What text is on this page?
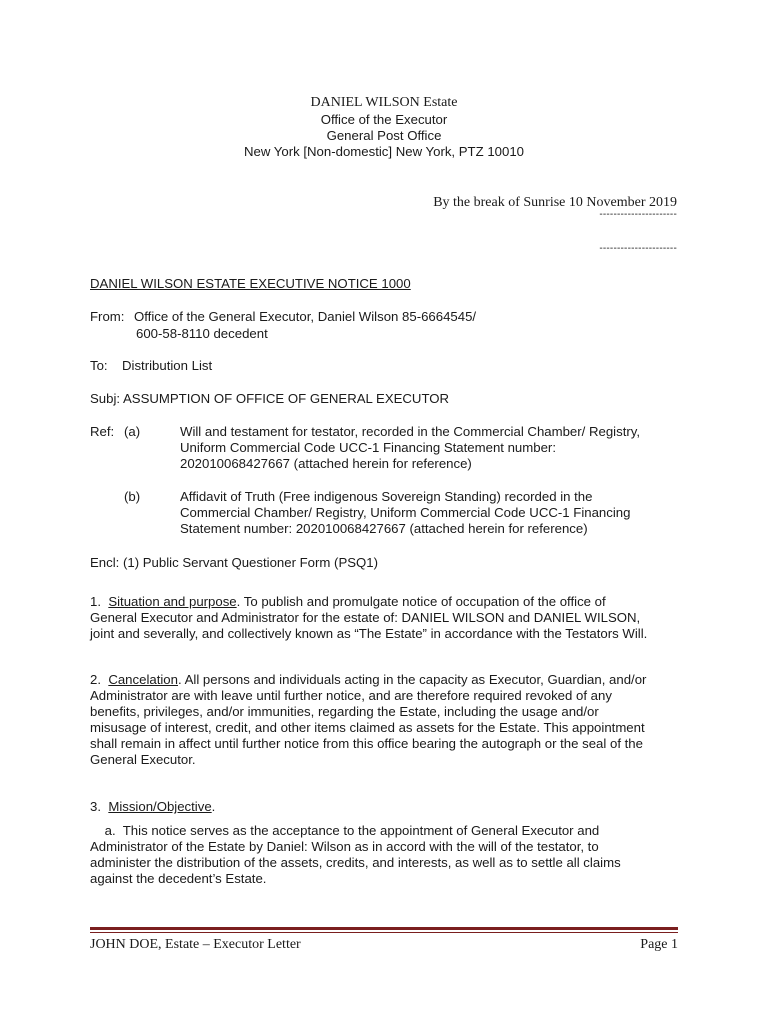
DANIEL WILSON Estate
Office of the Executor
General Post Office
New York [Non-domestic] New York, PTZ 10010
By the break of Sunrise 10 November 2019
----------------------
----------------------
DANIEL WILSON ESTATE EXECUTIVE NOTICE 1000
From: Office of the General Executor, Daniel Wilson 85-6664545/
600-58-8110 decedent
To: Distribution List
Subj: ASSUMPTION OF OFFICE OF GENERAL EXECUTOR
Ref: (a)	Will and testament for testator, recorded in the Commercial Chamber/ Registry,
Uniform Commercial Code UCC-1 Financing Statement number:
202010068427667 (attached herein for reference)
(b)	Affidavit of Truth (Free indigenous Sovereign Standing) recorded in the
Commercial Chamber/ Registry, Uniform Commercial Code UCC-1 Financing
Statement number: 202010068427667 (attached herein for reference)
Encl: (1) Public Servant Questioner Form (PSQ1)
1. Situation and purpose. To publish and promulgate notice of occupation of the office of
General Executor and Administrator for the estate of: DANIEL WILSON and DANIEL WILSON,
joint and severally, and collectively known as “The Estate” in accordance with the Testators Will.
2. Cancelation. All persons and individuals acting in the capacity as Executor, Guardian, and/or
Administrator are with leave until further notice, and are therefore required revoked of any
benefits, privileges, and/or immunities, regarding the Estate, including the usage and/or
misusage of interest, credit, and other items claimed as assets for the Estate. This appointment
shall remain in affect until further notice from this office bearing the autograph or the seal of the
General Executor.
3. Mission/Objective.
a. This notice serves as the acceptance to the appointment of General Executor and
Administrator of the Estate by Daniel: Wilson as in accord with the will of the testator, to
administer the distribution of the assets, credits, and interests, as well as to settle all claims
against the decedent’s Estate.
JOHN DOE, Estate – Executor Letter	Page 1
